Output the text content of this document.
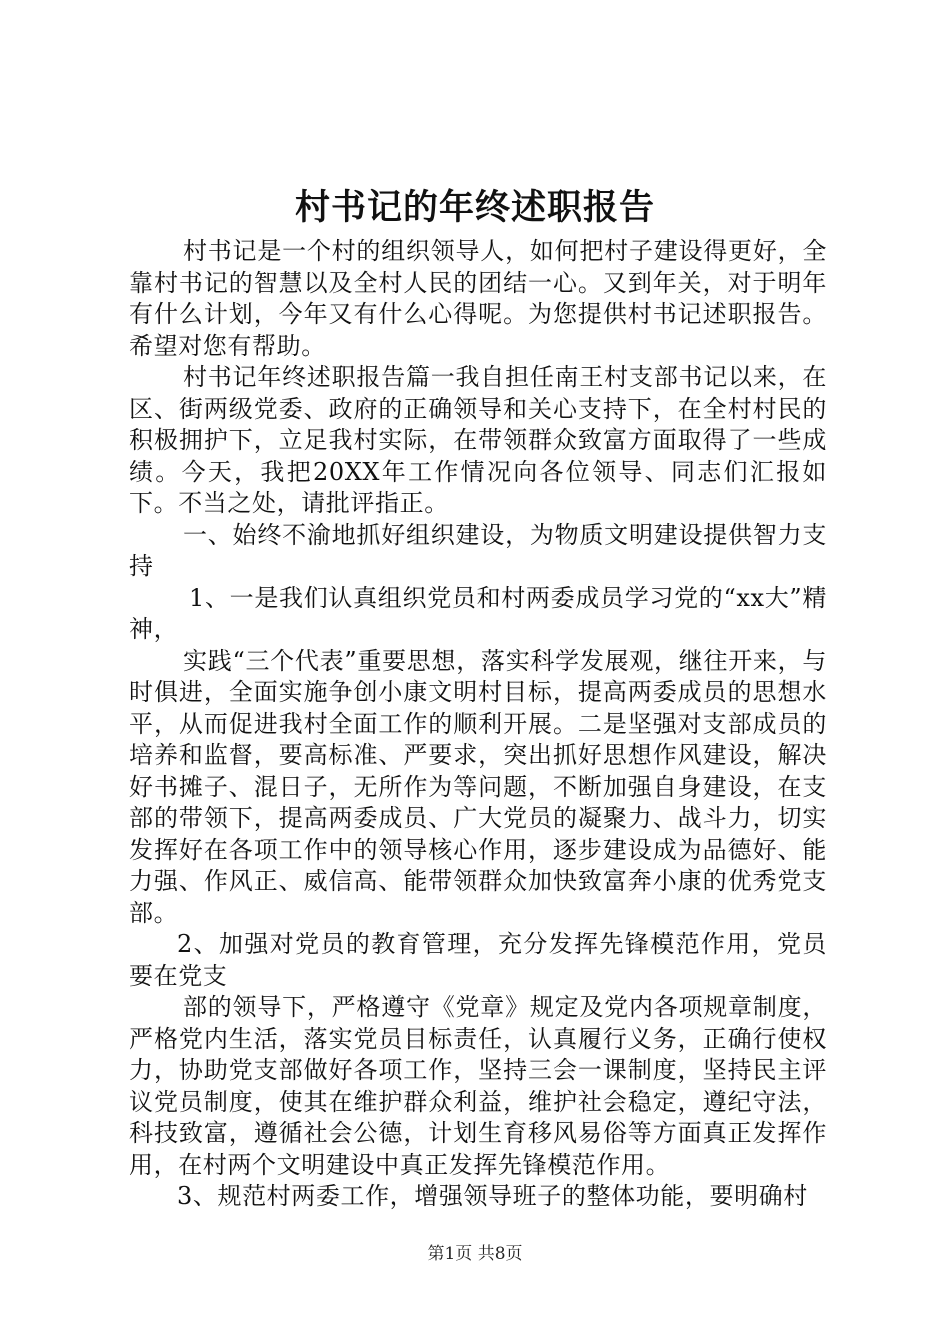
村书记的年终述职报告

村书记是一个村的组织领导人，如何把村子建设得更好，全靠村书记的智慧以及全村人民的团结一心。又到年关，对于明年有什么计划，今年又有什么心得呢。为您提供村书记述职报告。希望对您有帮助。

村书记年终述职报告篇一我自担任南王村支部书记以来，在区、街两级党委、政府的正确领导和关心支持下，在全村村民的积极拥护下，立足我村实际，在带领群众致富方面取得了一些成绩。今天，我把20XX年工作情况向各位领导、同志们汇报如下。不当之处，请批评指正。

一、始终不渝地抓好组织建设，为物质文明建设提供智力支持

1、一是我们认真组织党员和村两委成员学习党的“xx大”精神，

实践“三个代表”重要思想，落实科学发展观，继往开来，与时俱进，全面实施争创小康文明村目标，提高两委成员的思想水平，从而促进我村全面工作的顺利开展。二是坚强对支部成员的培养和监督，要高标准、严要求，突出抓好思想作风建设，解决好书摊子、混日子，无所作为等问题，不断加强自身建设，在支部的带领下，提高两委成员、广大党员的凝聚力、战斗力，切实发挥好在各项工作中的领导核心作用，逐步建设成为品德好、能力强、作风正、威信高、能带领群众加快致富奔小康的优秀党支部。

2、加强对党员的教育管理，充分发挥先锋模范作用，党员要在党支

部的领导下，严格遵守《党章》规定及党内各项规章制度，严格党内生活，落实党员目标责任，认真履行义务，正确行使权力，协助党支部做好各项工作，坚持三会一课制度，坚持民主评议党员制度，使其在维护群众利益，维护社会稳定，遵纪守法，科技致富，遵循社会公德，计划生育移风易俗等方面真正发挥作用，在村两个文明建设中真正发挥先锋模范作用。

3、规范村两委工作，增强领导班子的整体功能，要明确村

第1页 共8页
